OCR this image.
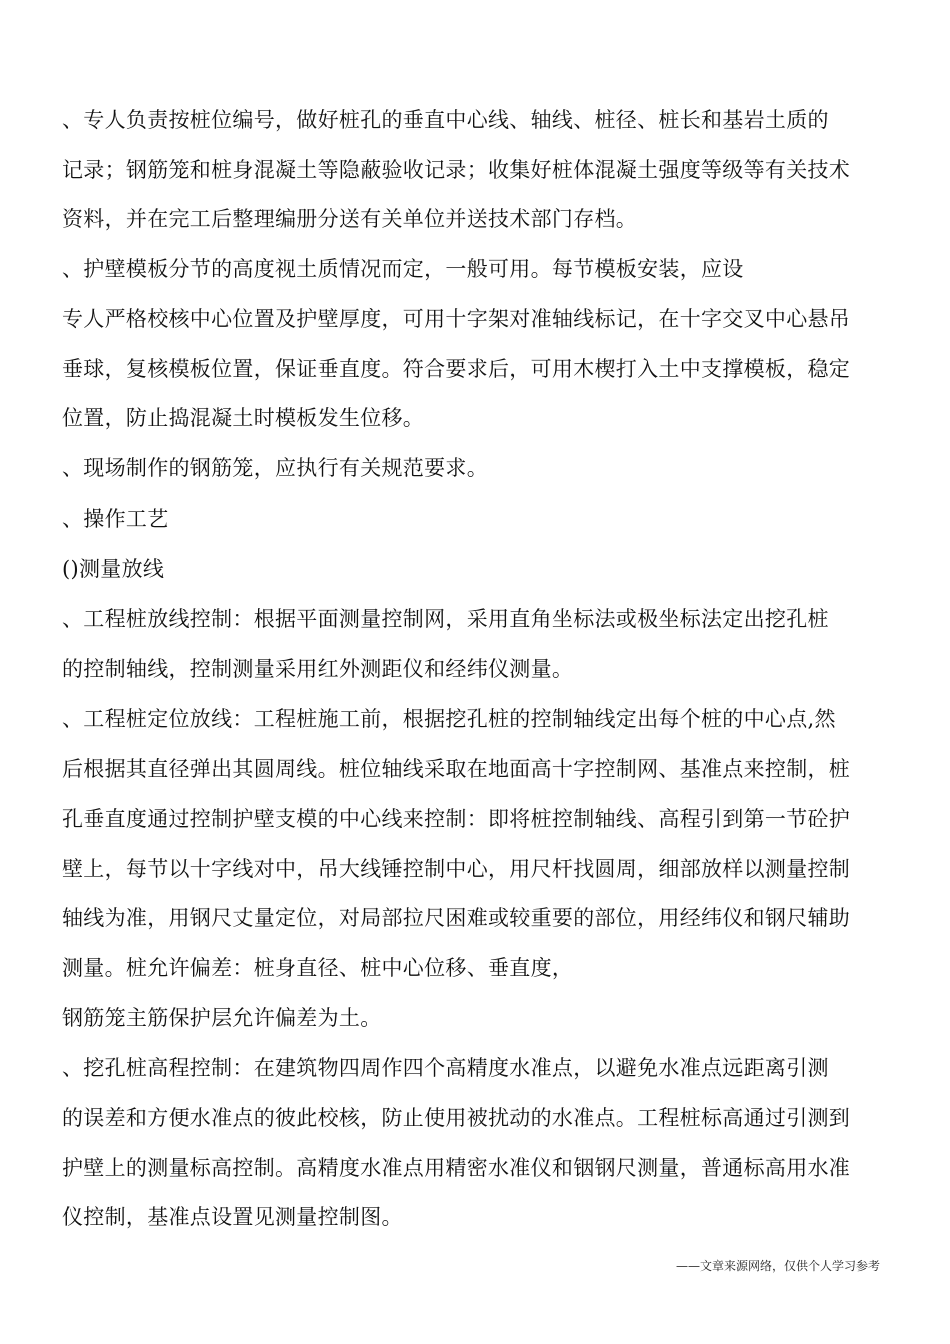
、专人负责按桩位编号，做好桩孔的垂直中心线、轴线、桩径、桩长和基岩土质的
记录；钢筋笼和桩身混凝土等隐蔽验收记录；收集好桩体混凝土强度等级等有关技术
资料，并在完工后整理编册分送有关单位并送技术部门存档。
、护壁模板分节的高度视土质情况而定，一般可用。每节模板安装，应设
专人严格校核中心位置及护壁厚度，可用十字架对准轴线标记，在十字交叉中心悬吊
垂球，复核模板位置，保证垂直度。符合要求后，可用木楔打入土中支撑模板，稳定
位置，防止捣混凝土时模板发生位移。
、现场制作的钢筋笼，应执行有关规范要求。
、操作工艺
()测量放线
、工程桩放线控制：根据平面测量控制网，采用直角坐标法或极坐标法定出挖孔桩
的控制轴线，控制测量采用红外测距仪和经纬仪测量。
、工程桩定位放线：工程桩施工前，根据挖孔桩的控制轴线定出每个桩的中心点,然
后根据其直径弹出其圆周线。桩位轴线采取在地面高十字控制网、基准点来控制，桩
孔垂直度通过控制护壁支模的中心线来控制：即将桩控制轴线、高程引到第一节砼护
壁上，每节以十字线对中，吊大线锤控制中心，用尺杆找圆周，细部放样以测量控制
轴线为准，用钢尺丈量定位，对局部拉尺困难或较重要的部位，用经纬仪和钢尺辅助
测量。桩允许偏差：桩身直径、桩中心位移、垂直度，
钢筋笼主筋保护层允许偏差为土。
、挖孔桩高程控制：在建筑物四周作四个高精度水准点，以避免水准点远距离引测
的误差和方便水准点的彼此校核，防止使用被扰动的水准点。工程桩标高通过引测到
护壁上的测量标高控制。高精度水准点用精密水准仪和铟钢尺测量，普通标高用水准
仪控制，基准点设置见测量控制图。
——文章来源网络，仅供个人学习参考
